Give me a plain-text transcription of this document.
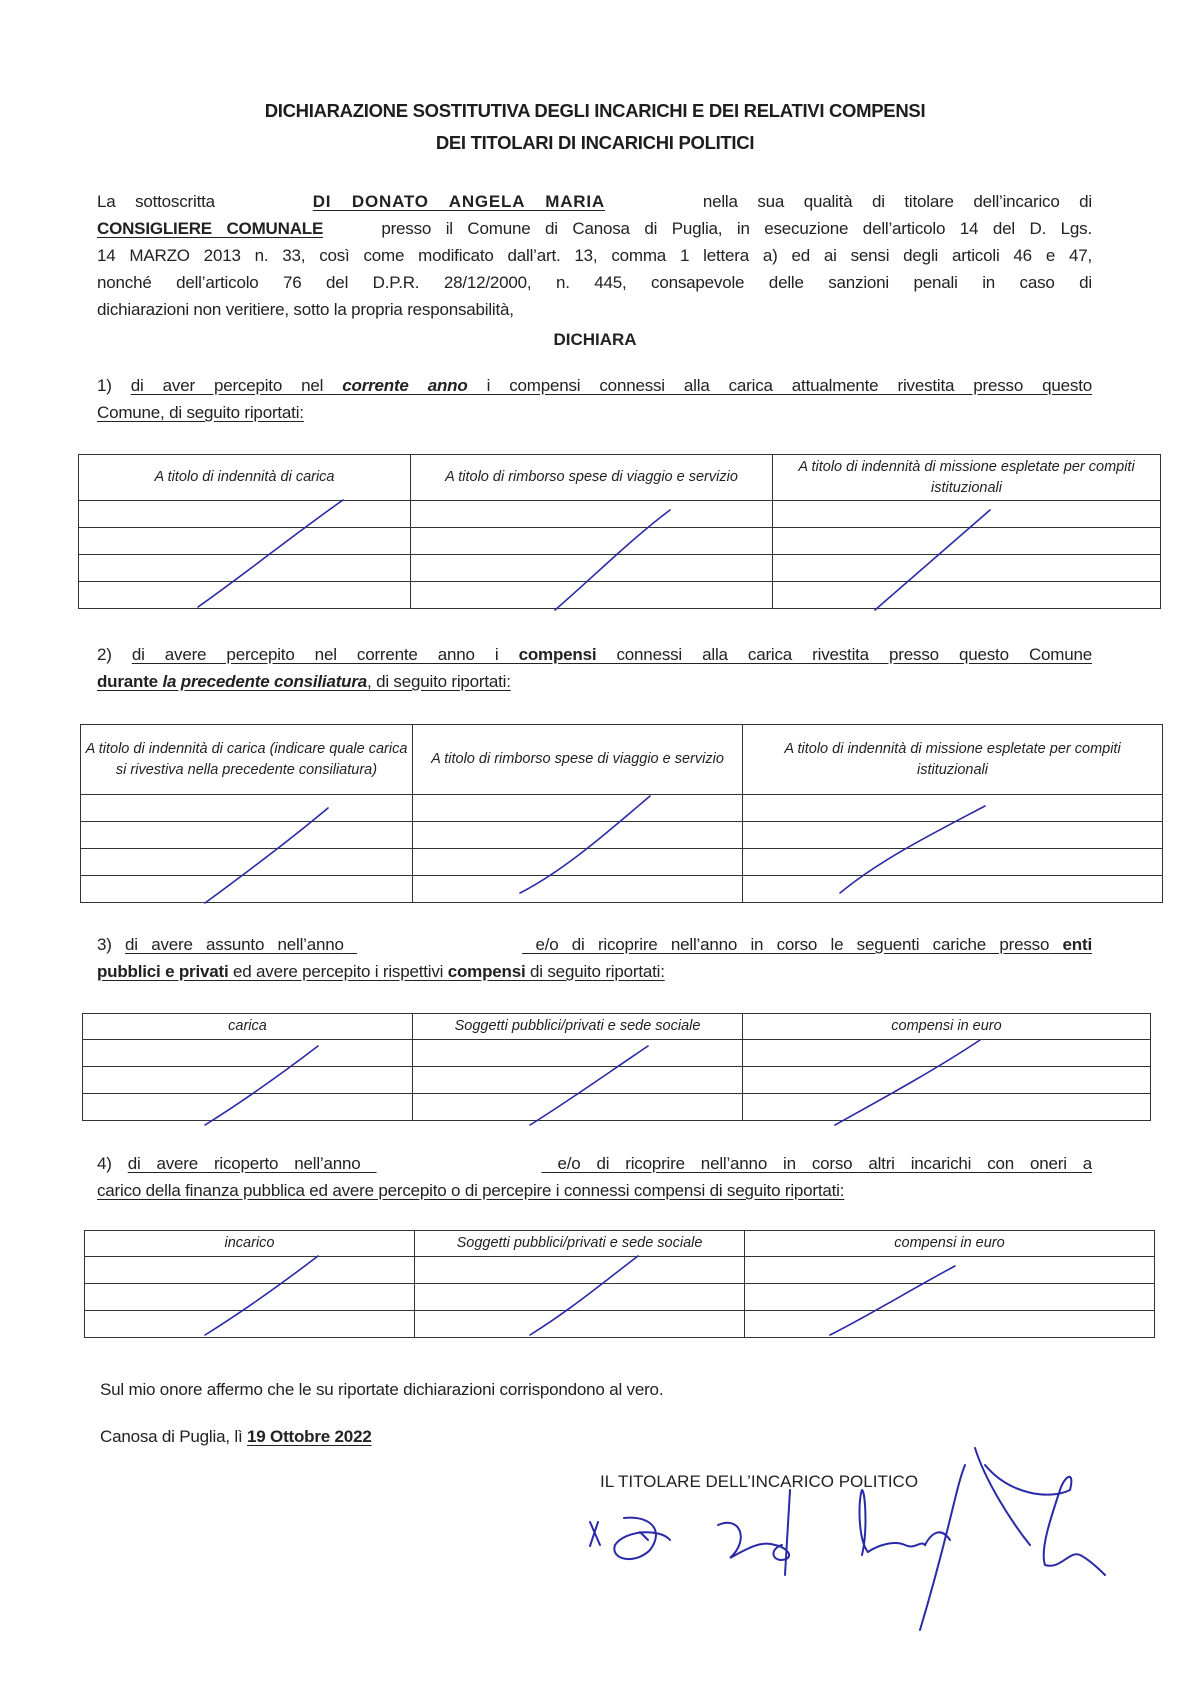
DICHIARAZIONE SOSTITUTIVA DEGLI INCARICHI E DEI RELATIVI COMPENSI
DEI TITOLARI DI INCARICHI POLITICI
La sottoscritta	DI DONATO ANGELA MARIA	nella sua qualità di titolare dell’incarico di
CONSIGLIERE COMUNALE	presso il Comune di Canosa di Puglia, in esecuzione dell’articolo 14 del D. Lgs.
14 MARZO 2013 n. 33, così come modificato dall’art. 13, comma 1 lettera a) ed ai sensi degli articoli 46 e 47,
nonché dell’articolo 76 del D.P.R. 28/12/2000, n. 445, consapevole delle sanzioni penali in caso di
dichiarazioni non veritiere, sotto la propria responsabilità,
DICHIARA
1) di aver percepito nel corrente anno i compensi connessi alla carica attualmente rivestita presso questo
Comune, di seguito riportati:
A titolo di indennità di carica	A titolo di rimborso spese di viaggio e servizio	A titolo di indennità di missione espletate per compiti istituzionali

2) di avere percepito nel corrente anno i compensi connessi alla carica rivestita presso questo Comune
durante la precedente consiliatura, di seguito riportati:
A titolo di indennità di carica (indicare quale carica si rivestiva nella precedente consiliatura)	A titolo di rimborso spese di viaggio e servizio	A titolo di indennità di missione espletate per compiti istituzionali

3) di avere assunto nell’anno	e/o di ricoprire nell’anno in corso le seguenti cariche presso enti
pubblici e privati ed avere percepito i rispettivi compensi di seguito riportati:
carica	Soggetti pubblici/privati e sede sociale	compensi in euro

4) di avere ricoperto nell’anno	e/o di ricoprire nell’anno in corso altri incarichi con oneri a
carico della finanza pubblica ed avere percepito o di percepire i connessi compensi di seguito riportati:
incarico	Soggetti pubblici/privati e sede sociale	compensi in euro

Sul mio onore affermo che le su riportate dichiarazioni corrispondono al vero.
Canosa di Puglia, lì 19 Ottobre 2022
IL TITOLARE DELL’INCARICO POLITICO
